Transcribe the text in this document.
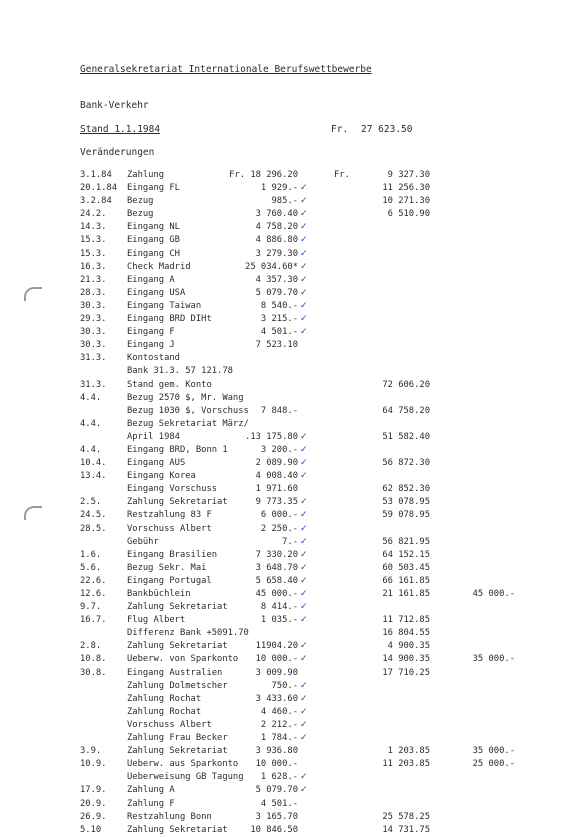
Generalsekretariat Internationale Berufswettbewerbe
Bank-Verkehr
Stand 1.1.1984	Fr. 27 623.50
Veränderungen
3.1.84 Zahlung	Fr. 18 296.20	Fr.	9 327.30
20.1.84 Eingang FL	1 929.- ✓	11 256.30
3.2.84 Bezug	985.- ✓	10 271.30
24.2. Bezug	3 760.40 ✓	6 510.90
14.3. Eingang NL	4 758.20 ✓
15.3. Eingang GB	4 886.80 ✓
15.3. Eingang CH	3 279.30 ✓
16.3. Check Madrid	25 034.60* ✓
21.3. Eingang A	4 357.30 ✓
28.3. Eingang USA	5 079.70 ✓
30.3. Eingang Taiwan	8 540.- ✓
29.3. Eingang BRD DIHt	3 215.- ✓
30.3. Eingang F	4 501.- ✓
30.3. Eingang J	7 523.10
31.3. Kontostand
Bank 31.3. 57 121.78
31.3. Stand gem. Konto	72 606.20
4.4.	Bezug 2570 $, Mr. Wang
Bezug 1030 $, Vorschuss 7 848.-	64 758.20
4.4.	Bezug Sekretariat März/
April 1984	.13 175.80 ✓	51 582.40
4.4.	Eingang BRD, Bonn 1	3 200.- ✓
10.4. Eingang AUS	2 089.90 ✓	56 872.30
13.4. Eingang Korea	4 008.40 ✓
Eingang Vorschuss	1 971.60	62 852.30
2.5.	Zahlung Sekretariat	9 773.35 ✓	53 078.95
24.5. Restzahlung 83 F	6 000.- ✓	59 078.95
28.5. Vorschuss Albert	2 250.- ✓
Gebühr	7.- ✓	56 821.95
1.6.	Eingang Brasilien	7 330.20 ✓	64 152.15
5.6.	Bezug Sekr. Mai	3 648.70 ✓	60 503.45
22.6. Eingang Portugal	5 658.40 ✓	66 161.85
12.6. Bankbüchlein	45 000.- ✓	21 161.85	45 000.-
9.7.	Zahlung Sekretariat	8 414.- ✓
16.7. Flug Albert	1 035.- ✓	11 712.85
Differenz Bank +5091.70	16 804.55
2.8.	Zahlung Sekretariat	11904.20 ✓	4 900.35
10.8. Ueberw. von Sparkonto 10 000.- ✓	14 900.35	35 000.-
30.8. Eingang Australien	3 009.90	17 710.25
Zahlung Dolmetscher	750.- ✓
Zahlung Rochat	3 433.60 ✓
Zahlung Rochat	4 460.- ✓
Vorschuss Albert	2 212.- ✓
Zahlung Frau Becker	1 784.- ✓
3.9.	Zahlung Sekretariat	3 936.80	1 203.85	35 000.-
10.9. Ueberw. aus Sparkonto 10 000.-	11 203.85	25 000.-
Ueberweisung GB Tagung 1 628.- ✓
17.9. Zahlung A	5 079.70 ✓
20.9. Zahlung F	4 501.-
26.9. Restzahlung Bonn	3 165.70	25 578.25
5.10	Zahlung Sekretariat	10 846.50	14 731.75
